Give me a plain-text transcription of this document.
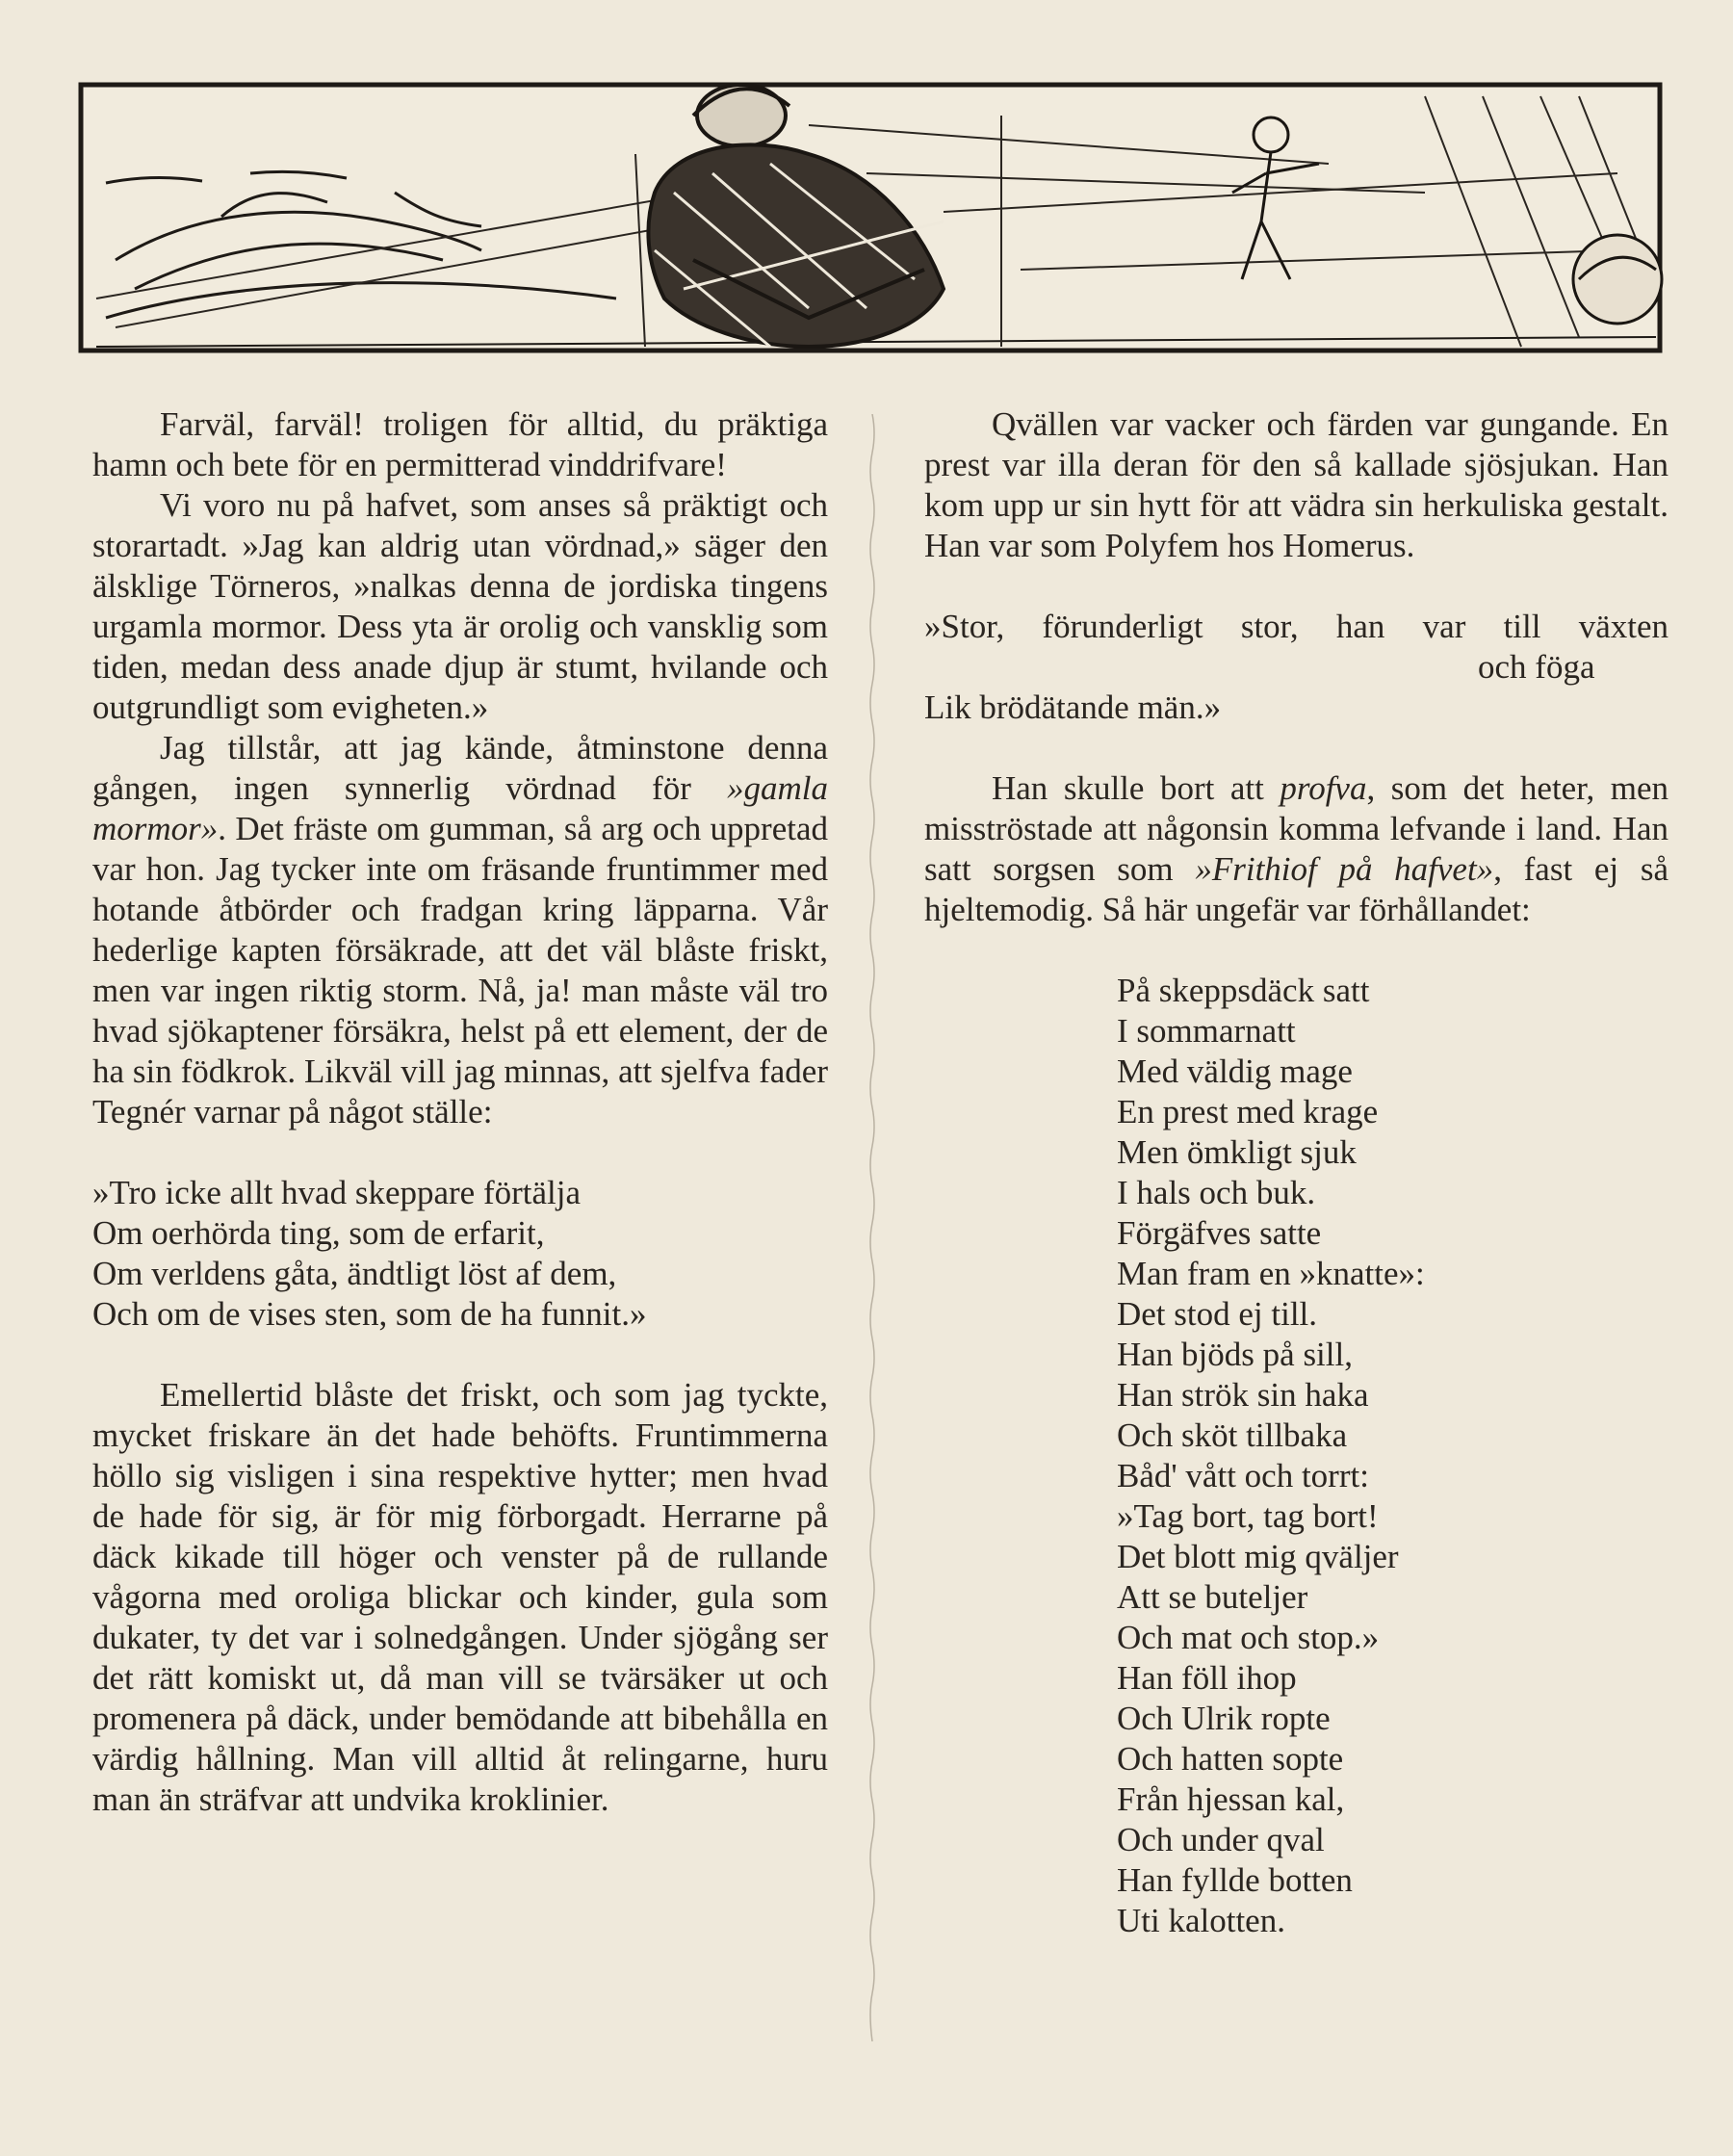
Farväl, farväl! troligen för alltid, du präktiga hamn och bete för en permitterad vinddrifvare!

Vi voro nu på hafvet, som anses så präktigt och storartadt. »Jag kan aldrig utan vördnad,» säger den älsklige Törneros, »nalkas denna de jordiska tingens urgamla mormor. Dess yta är orolig och vansklig som tiden, medan dess anade djup är stumt, hvilande och outgrundligt som evigheten.»

Jag tillstår, att jag kände, åtminstone denna gången, ingen synnerlig vördnad för »gamla mormor». Det fräste om gumman, så arg och uppretad var hon. Jag tycker inte om fräsande fruntimmer med hotande åtbörder och fradgan kring läpparna. Vår hederlige kapten försäkrade, att det väl blåste friskt, men var ingen riktig storm. Nå, ja! man måste väl tro hvad sjökaptener försäkra, helst på ett element, der de ha sin födkrok. Likväl vill jag minnas, att sjelfva fader Tegnér varnar på något ställe:

»Tro icke allt hvad skeppare förtälja
Om oerhörda ting, som de erfarit,
Om verldens gåta, ändtligt löst af dem,
Och om de vises sten, som de ha funnit.»

Emellertid blåste det friskt, och som jag tyckte, mycket friskare än det hade behöfts. Fruntimmerna höllo sig visligen i sina respektive hytter; men hvad de hade för sig, är för mig förborgadt. Herrarne på däck kikade till höger och venster på de rullande vågorna med oroliga blickar och kinder, gula som dukater, ty det var i solnedgången. Under sjögång ser det rätt komiskt ut, då man vill se tvärsäker ut och promenera på däck, under bemödande att bibehålla en värdig hållning. Man vill alltid åt relingarne, huru man än sträfvar att undvika kroklinier.

Qvällen var vacker och färden var gungande. En prest var illa deran för den så kallade sjösjukan. Han kom upp ur sin hytt för att vädra sin herkuliska gestalt. Han var som Polyfem hos Homerus.

»Stor, förunderligt stor, han var till växten
och föga
Lik brödätande män.»

Han skulle bort att profva, som det heter, men misströstade att någonsin komma lefvande i land. Han satt sorgsen som »Frithiof på hafvet», fast ej så hjeltemodig. Så här ungefär var förhållandet:

På skeppsdäck satt
I sommarnatt
Med väldig mage
En prest med krage
Men ömkligt sjuk
I hals och buk.
Förgäfves satte
Man fram en »knatte»:
Det stod ej till.
Han bjöds på sill,
Han strök sin haka
Och sköt tillbaka
Båd' vått och torrt:
»Tag bort, tag bort!
Det blott mig qväljer
Att se buteljer
Och mat och stop.»
Han föll ihop
Och Ulrik ropte
Och hatten sopte
Från hjessan kal,
Och under qval
Han fyllde botten
Uti kalotten.
